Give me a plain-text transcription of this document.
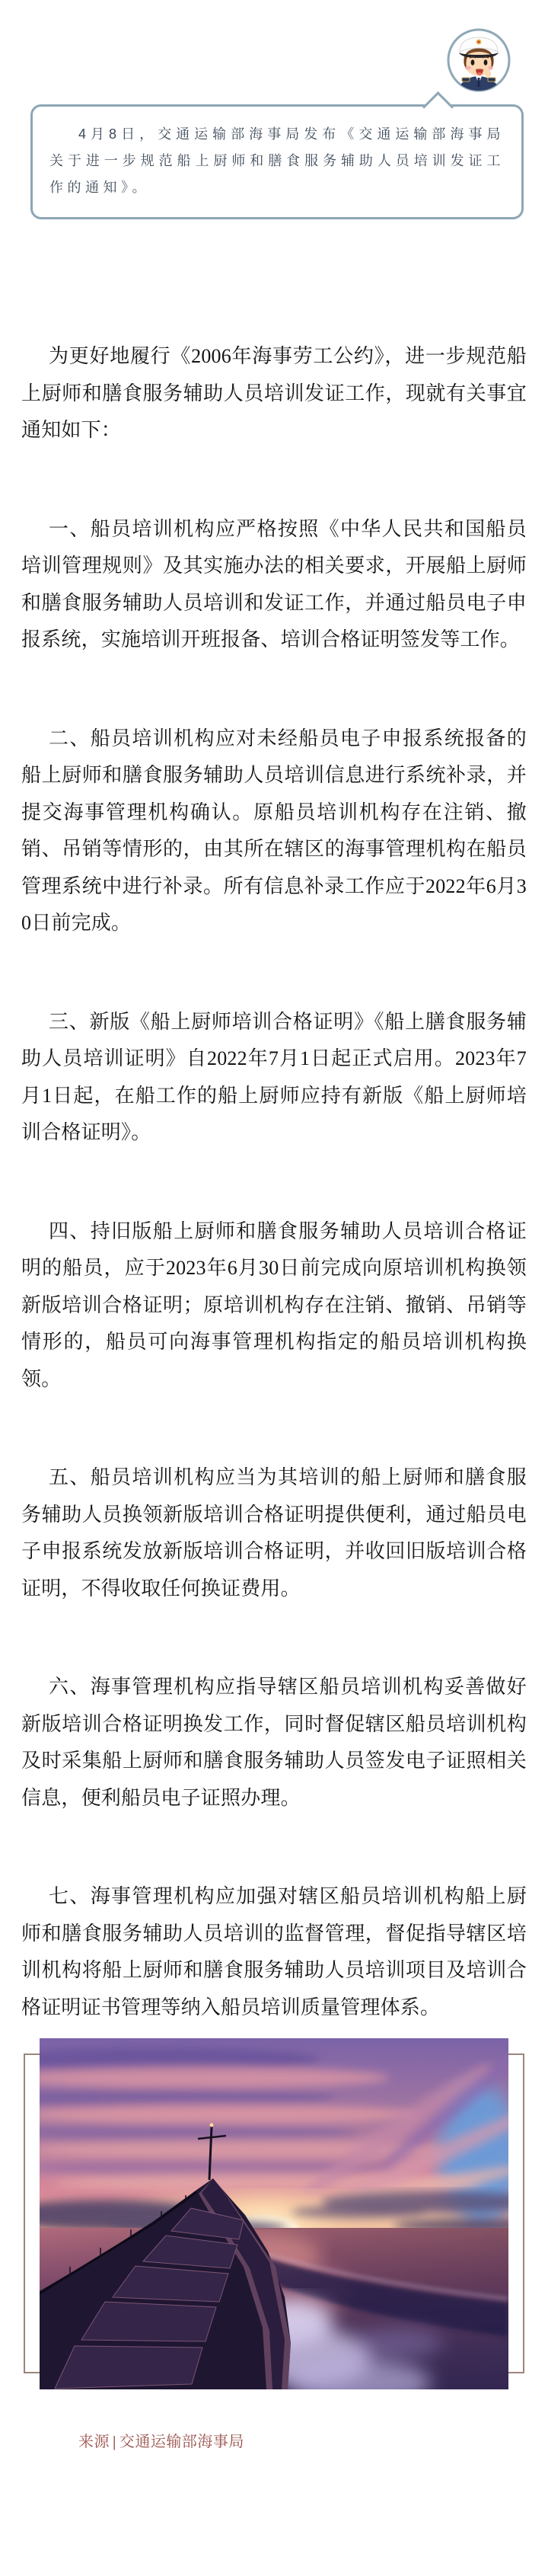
4月8日，交通运输部海事局发布《交通运输部海事局关于进一步规范船上厨师和膳食服务辅助人员培训发证工作的通知》。

为更好地履行《2006年海事劳工公约》，进一步规范船上厨师和膳食服务辅助人员培训发证工作，现就有关事宜通知如下：

一、船员培训机构应严格按照《中华人民共和国船员培训管理规则》及其实施办法的相关要求，开展船上厨师和膳食服务辅助人员培训和发证工作，并通过船员电子申报系统，实施培训开班报备、培训合格证明签发等工作。

二、船员培训机构应对未经船员电子申报系统报备的船上厨师和膳食服务辅助人员培训信息进行系统补录，并提交海事管理机构确认。原船员培训机构存在注销、撤销、吊销等情形的，由其所在辖区的海事管理机构在船员管理系统中进行补录。所有信息补录工作应于2022年6月30日前完成。

三、新版《船上厨师培训合格证明》《船上膳食服务辅助人员培训证明》自2022年7月1日起正式启用。2023年7月1日起，在船工作的船上厨师应持有新版《船上厨师培训合格证明》。

四、持旧版船上厨师和膳食服务辅助人员培训合格证明的船员，应于2023年6月30日前完成向原培训机构换领新版培训合格证明；原培训机构存在注销、撤销、吊销等情形的，船员可向海事管理机构指定的船员培训机构换领。

五、船员培训机构应当为其培训的船上厨师和膳食服务辅助人员换领新版培训合格证明提供便利，通过船员电子申报系统发放新版培训合格证明，并收回旧版培训合格证明，不得收取任何换证费用。

六、海事管理机构应指导辖区船员培训机构妥善做好新版培训合格证明换发工作，同时督促辖区船员培训机构及时采集船上厨师和膳食服务辅助人员签发电子证照相关信息，便利船员电子证照办理。

七、海事管理机构应加强对辖区船员培训机构船上厨师和膳食服务辅助人员培训的监督管理，督促指导辖区培训机构将船上厨师和膳食服务辅助人员培训项目及培训合格证明证书管理等纳入船员培训质量管理体系。

来源 | 交通运输部海事局
